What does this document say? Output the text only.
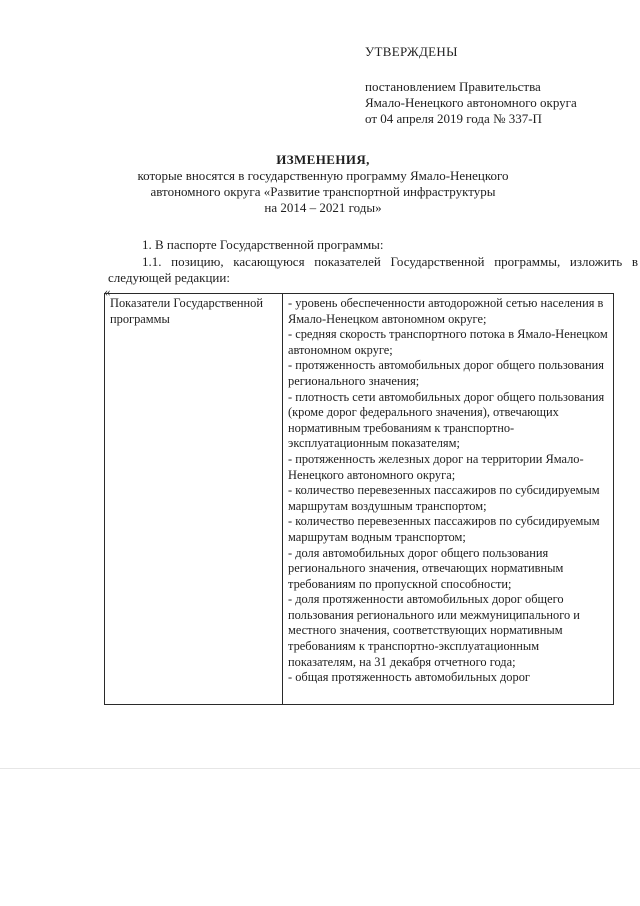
УТВЕРЖДЕНЫ
постановлением Правительства
Ямало-Ненецкого автономного округа
от 04 апреля 2019 года № 337-П
ИЗМЕНЕНИЯ,
которые вносятся в государственную программу Ямало-Ненецкого
автономного округа «Развитие транспортной инфраструктуры
на 2014 – 2021 годы»
1. В паспорте Государственной программы:
1.1. позицию, касающуюся показателей Государственной программы, изложить в следующей редакции:
«
Показатели Государственной программы	
- уровень обеспеченности автодорожной сетью населения в Ямало-Ненецком автономном округе;
- средняя скорость транспортного потока в Ямало-Ненецком автономном округе;
- протяженность автомобильных дорог общего пользования регионального значения;
- плотность сети автомобильных дорог общего пользования (кроме дорог федерального значения), отвечающих нормативным требованиям к транспортно-эксплуатационным показателям;
- протяженность железных дорог на территории Ямало-Ненецкого автономного округа;
- количество перевезенных пассажиров по субсидируемым маршрутам воздушным транспортом;
- количество перевезенных пассажиров по субсидируемым маршрутам водным транспортом;
- доля автомобильных дорог общего пользования регионального значения, отвечающих нормативным требованиям по пропускной способности;
- доля протяженности автомобильных дорог общего пользования регионального или межмуниципального и местного значения, соответствующих нормативным требованиям к транспортно-эксплуатационным показателям, на 31 декабря отчетного года;
- общая протяженность автомобильных дорог
